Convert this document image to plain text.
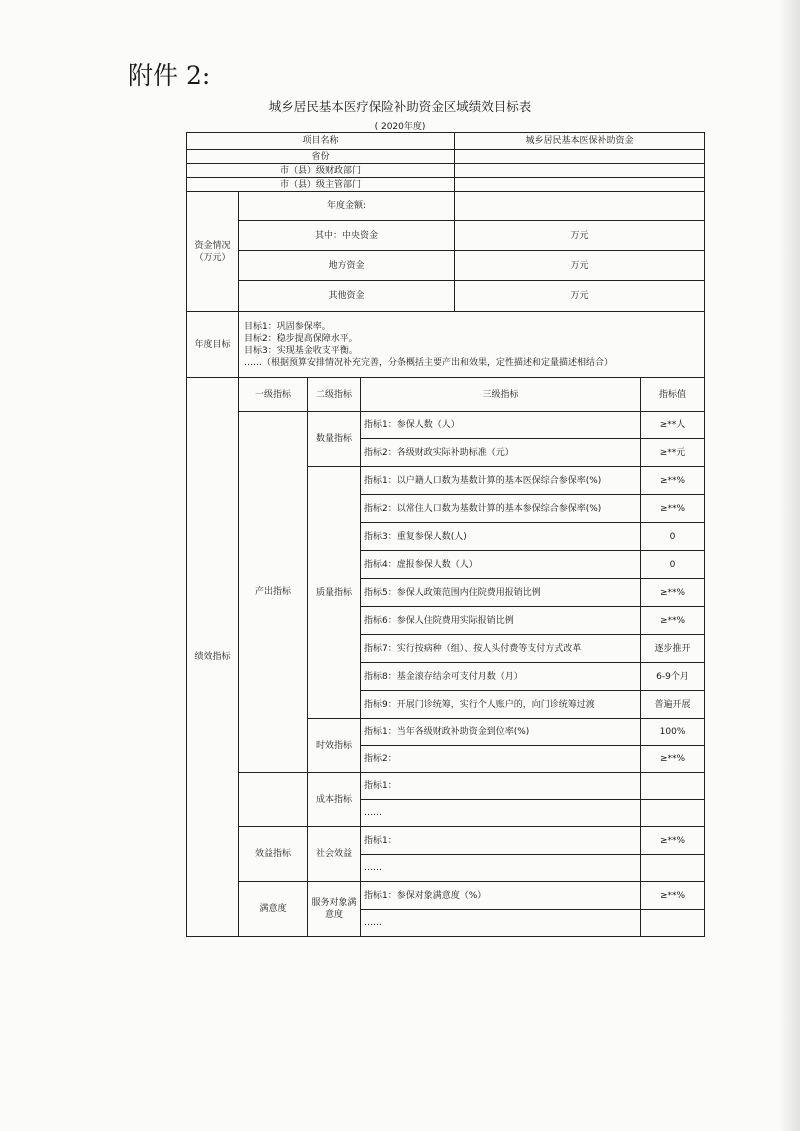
附件 2:
城乡居民基本医疗保险补助资金区域绩效目标表
( 2020年度)
项目名称				城乡居民基本医保补助资金	
省份					
市（县）级财政部门					
市（县）级主管部门					
资金情况（万元）	年度金额:				
	其中：中央资金			万元	
	地方资金			万元	
	其他资金			万元	
年度目标	目标1：巩固参保率。
目标2：稳步提高保障水平。
目标3：实现基金收支平衡。
……（根据预算安排情况补充完善，分条概括主要产出和效果，定性描述和定量描述相结合）				

绩效指标	一级指标	二级指标	三级指标		指标值
	产出指标	数量指标	指标1：参保人数（人）		≥**人
			指标2：各级财政实际补助标准（元）		≥**元
		质量指标	指标1：以户籍人口数为基数计算的基本医保综合参保率(%)		≥**%
			指标2：以常住人口数为基数计算的基本参保综合参保率(%)		≥**%
			指标3：重复参保人数(人)		0
			指标4：虚报参保人数（人）		0
			指标5：参保人政策范围内住院费用报销比例		≥**%
			指标6：参保人住院费用实际报销比例		≥**%
			指标7：实行按病种（组）、按人头付费等支付方式改革		逐步推开
			指标8：基金滚存结余可支付月数（月）		6-9个月
			指标9：开展门诊统筹，实行个人账户的，向门诊统筹过渡		普遍开展
		时效指标	指标1：当年各级财政补助资金到位率(%)		100%
			指标2：		≥**%
		成本指标	指标1：		
			……		
	效益指标	社会效益	指标1：		≥**%
			……		
	满意度	服务对象满意度	指标1：参保对象满意度（%）		≥**%
			……		
